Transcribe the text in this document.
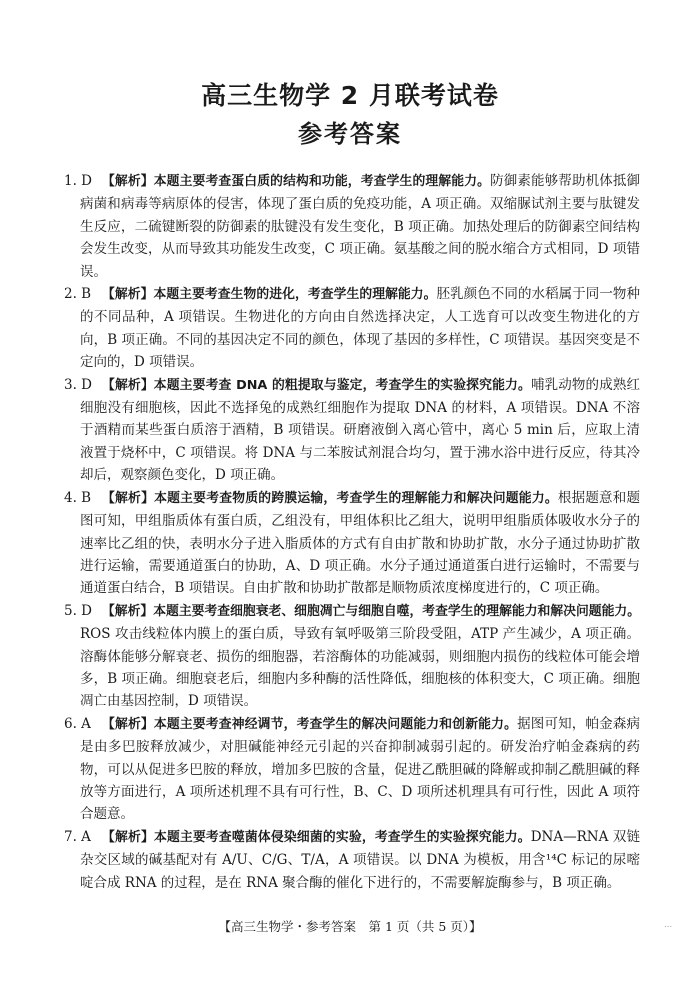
高三生物学 2 月联考试卷
参考答案
1. D 【解析】本题主要考查蛋白质的结构和功能，考查学生的理解能力。防御素能够帮助机体抵御病菌和病毒等病原体的侵害，体现了蛋白质的免疫功能，A 项正确。双缩脲试剂主要与肽键发生反应，二硫键断裂的防御素的肽键没有发生变化，B 项正确。加热处理后的防御素空间结构会发生改变，从而导致其功能发生改变，C 项正确。氨基酸之间的脱水缩合方式相同，D 项错误。
2. B 【解析】本题主要考查生物的进化，考查学生的理解能力。胚乳颜色不同的水稻属于同一物种的不同品种，A 项错误。生物进化的方向由自然选择决定，人工选育可以改变生物进化的方向，B 项正确。不同的基因决定不同的颜色，体现了基因的多样性，C 项错误。基因突变是不定向的，D 项错误。
3. D 【解析】本题主要考查 DNA 的粗提取与鉴定，考查学生的实验探究能力。哺乳动物的成熟红细胞没有细胞核，因此不选择兔的成熟红细胞作为提取 DNA 的材料，A 项错误。DNA 不溶于酒精而某些蛋白质溶于酒精，B 项错误。研磨液倒入离心管中，离心 5 min 后，应取上清液置于烧杯中，C 项错误。将 DNA 与二苯胺试剂混合均匀，置于沸水浴中进行反应，待其冷却后，观察颜色变化，D 项正确。
4. B 【解析】本题主要考查物质的跨膜运输，考查学生的理解能力和解决问题能力。根据题意和题图可知，甲组脂质体有蛋白质，乙组没有，甲组体积比乙组大，说明甲组脂质体吸收水分子的速率比乙组的快，表明水分子进入脂质体的方式有自由扩散和协助扩散，水分子通过协助扩散进行运输，需要通道蛋白的协助，A、D 项正确。水分子通过通道蛋白进行运输时，不需要与通道蛋白结合，B 项错误。自由扩散和协助扩散都是顺物质浓度梯度进行的，C 项正确。
5. D 【解析】本题主要考查细胞衰老、细胞凋亡与细胞自噬，考查学生的理解能力和解决问题能力。ROS 攻击线粒体内膜上的蛋白质，导致有氧呼吸第三阶段受阻，ATP 产生减少，A 项正确。溶酶体能够分解衰老、损伤的细胞器，若溶酶体的功能减弱，则细胞内损伤的线粒体可能会增多，B 项正确。细胞衰老后，细胞内多种酶的活性降低，细胞核的体积变大，C 项正确。细胞凋亡由基因控制，D 项错误。
6. A 【解析】本题主要考查神经调节，考查学生的解决问题能力和创新能力。据图可知，帕金森病是由多巴胺释放减少，对胆碱能神经元引起的兴奋抑制减弱引起的。研发治疗帕金森病的药物，可以从促进多巴胺的释放，增加多巴胺的含量，促进乙酰胆碱的降解或抑制乙酰胆碱的释放等方面进行，A 项所述机理不具有可行性，B、C、D 项所述机理具有可行性，因此 A 项符合题意。
7. A 【解析】本题主要考查噬菌体侵染细菌的实验，考查学生的实验探究能力。DNA—RNA 双链杂交区域的碱基配对有 A/U、C/G、T/A，A 项错误。以 DNA 为模板，用含¹⁴C 标记的尿嘧啶合成 RNA 的过程，是在 RNA 聚合酶的催化下进行的，不需要解旋酶参与，B 项正确。
【高三生物学・参考答案　第 1 页（共 5 页）】	...
